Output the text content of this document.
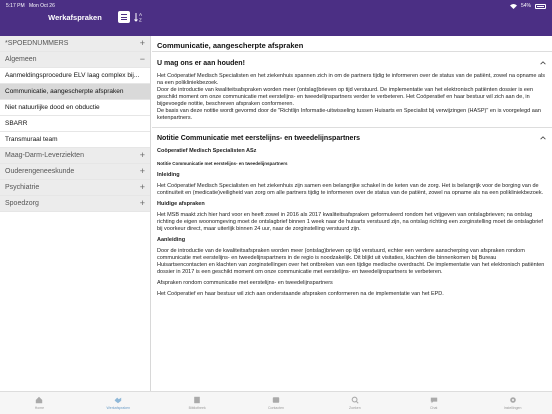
5:17 PM Mon Oct 26	54%
Werkafspraken	A
Z
*SPOEDNUMMERS	+
Algemeen	−
Aanmeldingsprocedure ELV laag complex bij...
Communicatie, aangescherpte afspraken
Niet natuurlijke dood en obductie
SBARR
Transmuraal team
Maag-Darm-Leverziekten	+
Ouderengeneeskunde	+
Psychiatrie	+
Spoedzorg	+
Communicatie, aangescherpte afspraken
U mag ons er aan houden!

Het Coöperatief Medisch Specialisten en het ziekenhuis spannen zich in om de partners tijdig te informeren over de status van de patiënt, zowel na opname als na een polikliniekbezoek.

Door de introductie van kwaliteitsafspraken worden meer (ontslag)brieven op tijd verstuurd. De implementatie van het elektronisch patiënten dossier is een geschikt moment om onze communicatie met eerstelijns- en tweedelijnspartners verder te verbeteren. Het Coöperatief en haar bestuur wil zich aan de, in bijgevoegde notitie, beschreven afspraken conformeren.

De basis van deze notitie wordt gevormd door de "Richtlijn Informatie-uitwisseling tussen Huisarts en Specialist bij verwijzingen (HASP)" en is voorgelegd aan ketenpartners.

Notitie Communicatie met eerstelijns- en tweedelijnspartners

Coöperatief Medisch Specialisten ASz

Notitie Communicatie met eerstelijns- en tweedelijnspartners

Inleiding

Het Coöperatief Medisch Specialisten en het ziekenhuis zijn samen een belangrijke schakel in de keten van de zorg. Het is belangrijk voor de borging van de continuïteit en (medicatie)veiligheid van zorg om alle partners tijdig te informeren over de status van de patiënt, zowel na opname als na een polikliniekbezoek.

Huidige afspraken

Het MSB maakt zich hier hard voor en heeft zowel in 2016 als 2017 kwaliteitsafspraken geformuleerd rondom het vrijgeven van ontslagbrieven; na ontslag richting de eigen woonomgeving moet de ontslagbrief binnen 1 week naar de huisarts verstuurd zijn, na ontslag richting een zorginstelling moet de ontslagbrief bij voorkeur direct, maar uiterlijk binnen 24 uur, naar de zorginstelling verstuurd zijn.

Aanleiding

Door de introductie van de kwaliteitsafspraken worden meer (ontslag)brieven op tijd verstuurd, echter een verdere aanscherping van afspraken rondom communicatie met eerstelijns- en tweedelijnspartners in de regio is noodzakelijk. Dit blijkt uit visitaties, klachten die binnenkomen bij Bureau Huisartsencontacten en klachten van zorginstellingen over het ontbreken van een tijdige medische overdracht. De implementatie van het elektronisch patiënten dossier in 2017 is een geschikt moment om onze communicatie met eerstelijns- en tweedelijnspartners te verbeteren.

Afspraken rondom communicatie met eerstelijns- en tweedelijnspartners

Het Coöperatief en haar bestuur wil zich aan onderstaande afspraken conformeren na de implementatie van het EPD.

Home	Werkafspraken	Bibliotheek	Contacten	Zoeken	Chat	Instellingen
